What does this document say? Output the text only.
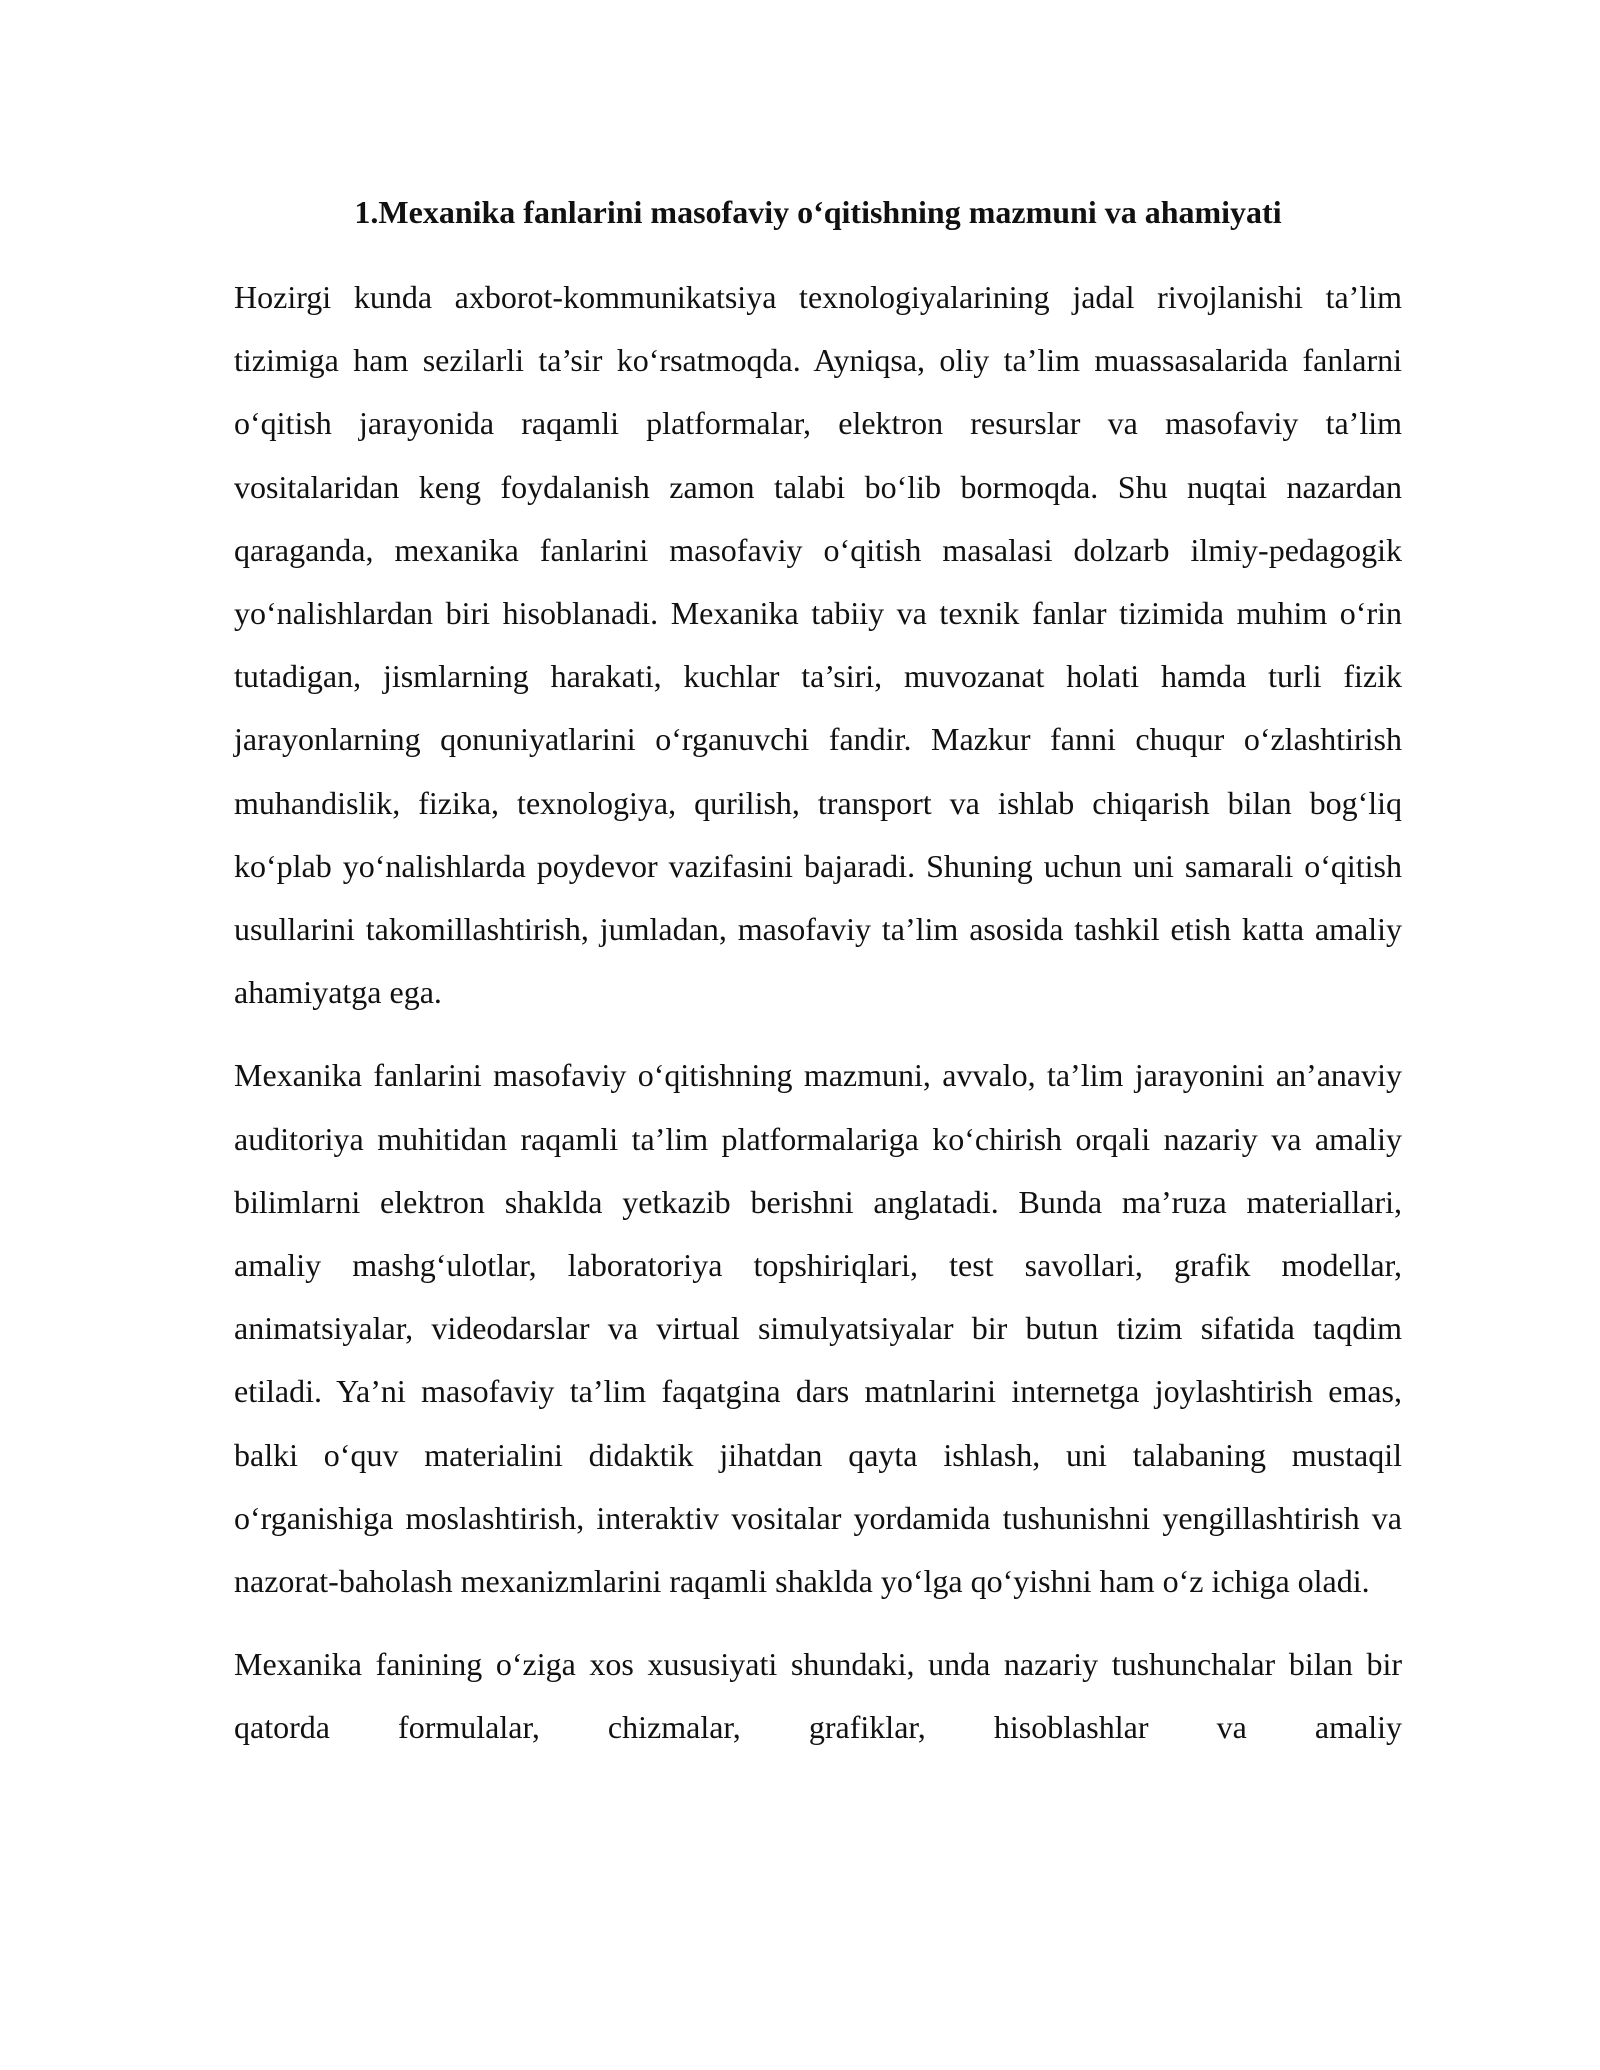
1.Mexanika fanlarini masofaviy o‘qitishning mazmuni va ahamiyati

Hozirgi kunda axborot-kommunikatsiya texnologiyalarining jadal rivojlanishi ta’lim tizimiga ham sezilarli ta’sir ko‘rsatmoqda. Ayniqsa, oliy ta’lim muassasalarida fanlarni o‘qitish jarayonida raqamli platformalar, elektron resurslar va masofaviy ta’lim vositalaridan keng foydalanish zamon talabi bo‘lib bormoqda. Shu nuqtai nazardan qaraganda, mexanika fanlarini masofaviy o‘qitish masalasi dolzarb ilmiy-pedagogik yo‘nalishlardan biri hisoblanadi. Mexanika tabiiy va texnik fanlar tizimida muhim o‘rin tutadigan, jismlarning harakati, kuchlar ta’siri, muvozanat holati hamda turli fizik jarayonlarning qonuniyatlarini o‘rganuvchi fandir. Mazkur fanni chuqur o‘zlashtirish muhandislik, fizika, texnologiya, qurilish, transport va ishlab chiqarish bilan bog‘liq ko‘plab yo‘nalishlarda poydevor vazifasini bajaradi. Shuning uchun uni samarali o‘qitish usullarini takomillashtirish, jumladan, masofaviy ta’lim asosida tashkil etish katta amaliy ahamiyatga ega.

Mexanika fanlarini masofaviy o‘qitishning mazmuni, avvalo, ta’lim jarayonini an’anaviy auditoriya muhitidan raqamli ta’lim platformalariga ko‘chirish orqali nazariy va amaliy bilimlarni elektron shaklda yetkazib berishni anglatadi. Bunda ma’ruza materiallari, amaliy mashg‘ulotlar, laboratoriya topshiriqlari, test savollari, grafik modellar, animatsiyalar, videodarslar va virtual simulyatsiyalar bir butun tizim sifatida taqdim etiladi. Ya’ni masofaviy ta’lim faqatgina dars matnlarini internetga joylashtirish emas, balki o‘quv materialini didaktik jihatdan qayta ishlash, uni talabaning mustaqil o‘rganishiga moslashtirish, interaktiv vositalar yordamida tushunishni yengillashtirish va nazorat-baholash mexanizmlarini raqamli shaklda yo‘lga qo‘yishni ham o‘z ichiga oladi.

Mexanika fanining o‘ziga xos xususiyati shundaki, unda nazariy tushunchalar bilan bir qatorda formulalar, chizmalar, grafiklar, hisoblashlar va amaliy
